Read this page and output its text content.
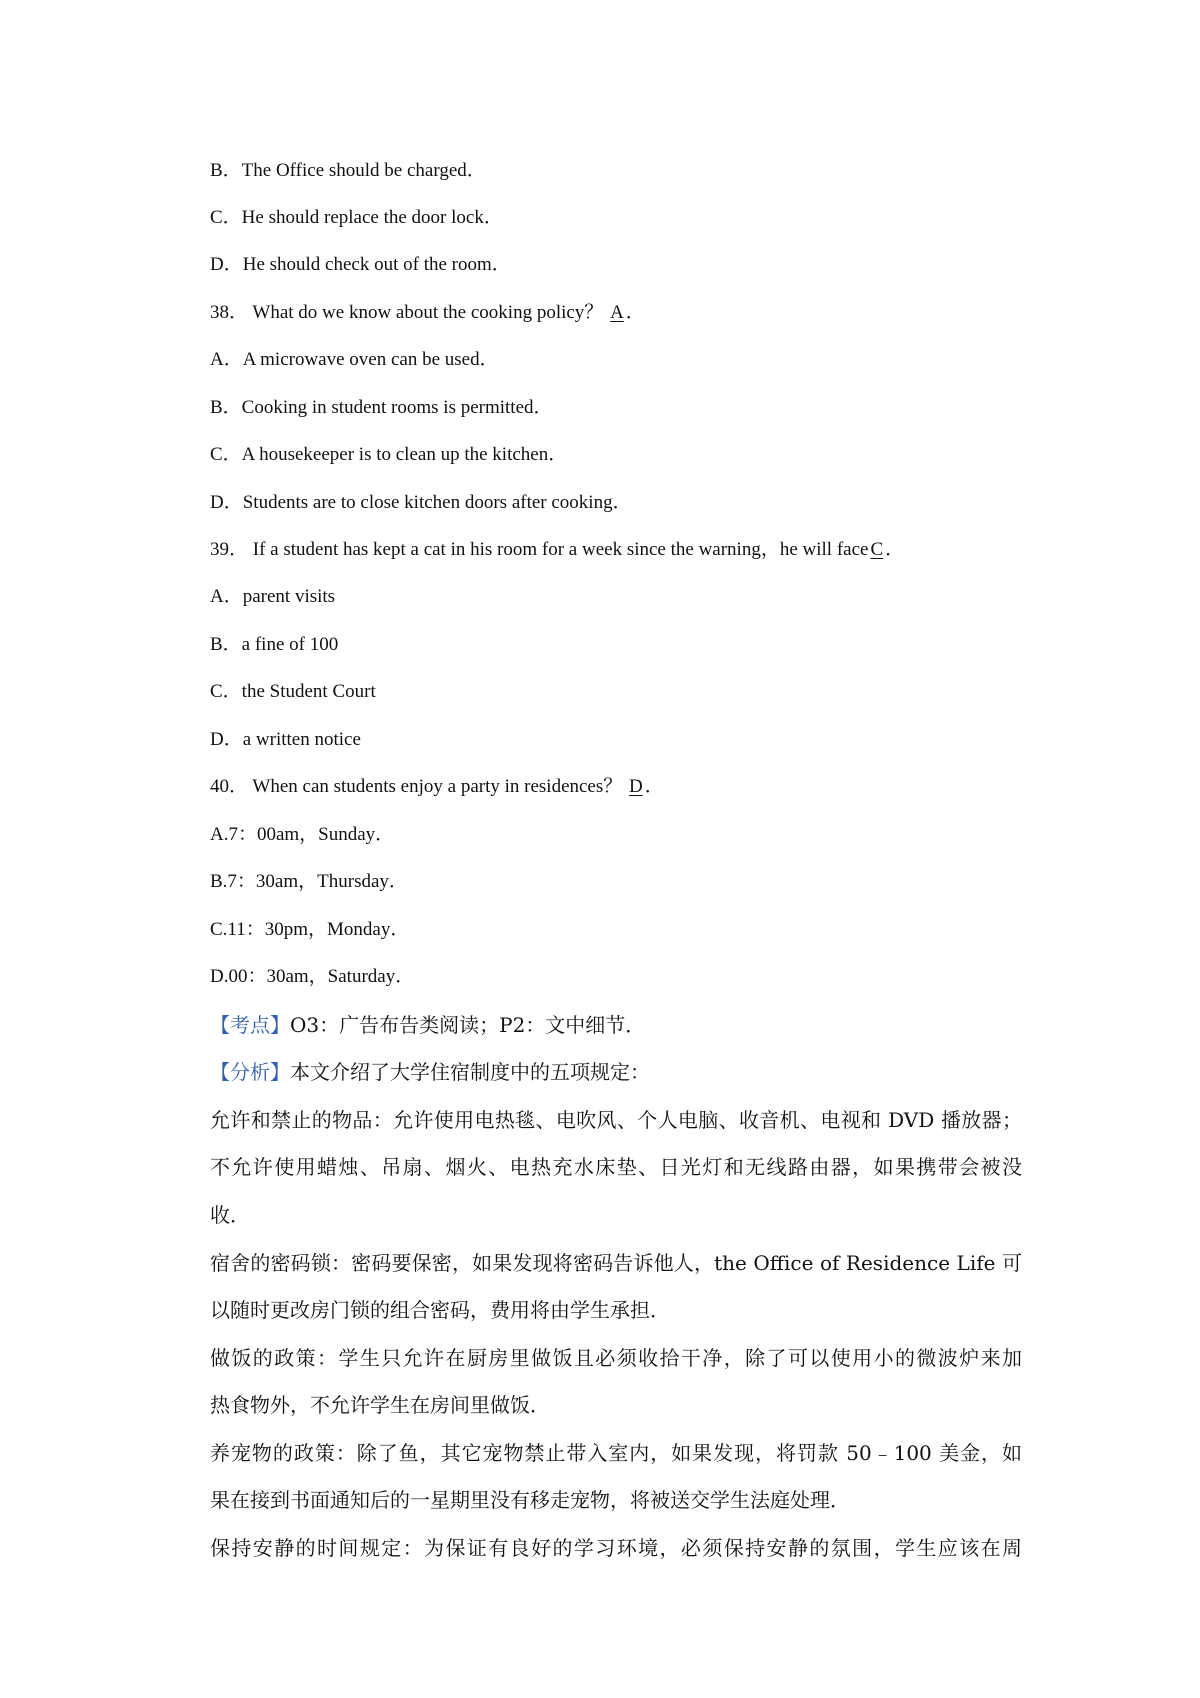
B．The Office should be charged．
C．He should replace the door lock．
D．He should check out of the room．
38． What do we know about the cooking policy？ A．
A．A microwave oven can be used．
B．Cooking in student rooms is permitted．
C．A housekeeper is to clean up the kitchen．
D．Students are to close kitchen doors after cooking．
39． If a student has kept a cat in his room for a week since the warning，he will faceC．
A．parent visits
B．a fine of 100
C．the Student Court
D．a written notice
40． When can students enjoy a party in residences？ D．
A.7：00am，Sunday．
B.7：30am，Thursday．
C.11：30pm，Monday．
D.00：30am，Saturday．
【考点】O3：广告布告类阅读；P2：文中细节．
【分析】本文介绍了大学住宿制度中的五项规定：
允许和禁止的物品：允许使用电热毯、电吹风、个人电脑、收音机、电视和 DVD 播放器；
不允许使用蜡烛、吊扇、烟火、电热充水床垫、日光灯和无线路由器，如果携带会被没
收．
宿舍的密码锁：密码要保密，如果发现将密码告诉他人，the Office of Residence Life 可
以随时更改房门锁的组合密码，费用将由学生承担．
做饭的政策：学生只允许在厨房里做饭且必须收拾干净，除了可以使用小的微波炉来加
热食物外，不允许学生在房间里做饭．
养宠物的政策：除了鱼，其它宠物禁止带入室内，如果发现，将罚款 50﹣100 美金，如
果在接到书面通知后的一星期里没有移走宠物，将被送交学生法庭处理．
保持安静的时间规定：为保证有良好的学习环境，必须保持安静的氛围，学生应该在周
